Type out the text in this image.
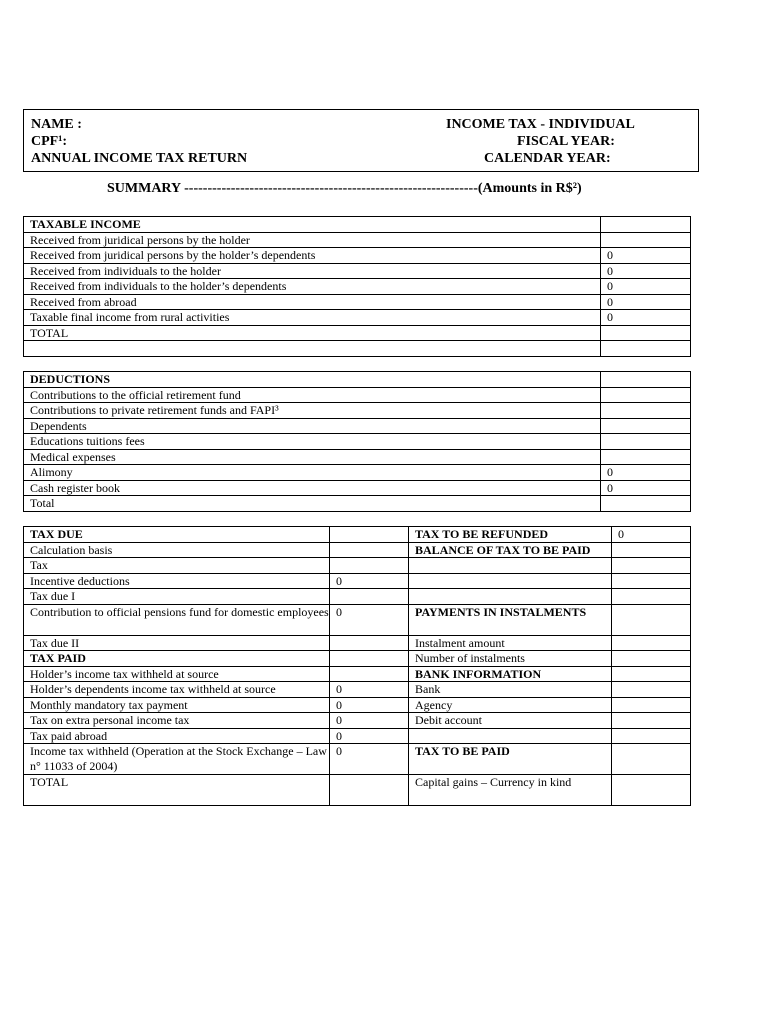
NAME :
CPF¹:
ANNUAL INCOME TAX RETURN
INCOME TAX - INDIVIDUAL
FISCAL YEAR:
CALENDAR YEAR:
SUMMARY ---------------------------------------------------------------(Amounts in R$²)
TAXABLE INCOME	
Received from juridical persons by the holder	
Received from juridical persons by the holder’s dependents	0
Received from individuals to the holder	0
Received from individuals to the holder’s dependents	0
Received from abroad	0
Taxable final income from rural activities	0
TOTAL	

DEDUCTIONS	
Contributions to the official retirement fund	
Contributions to private retirement funds and FAPI³	
Dependents	
Educations tuitions fees	
Medical expenses	
Alimony	0
Cash register book	0
Total	
TAX DUE		TAX TO BE REFUNDED	0
Calculation basis		BALANCE OF TAX TO BE PAID	
Tax			
Incentive deductions	0		
Tax due I			
Contribution to official pensions fund for domestic employees	0	PAYMENTS IN INSTALMENTS	
Tax due II		Instalment amount	
TAX PAID		Number of instalments	
Holder’s income tax withheld at source		BANK INFORMATION	
Holder’s dependents income tax withheld at source	0	Bank	
Monthly mandatory tax payment	0	Agency	
Tax on extra personal income tax	0	Debit account	
Tax paid abroad	0		
Income tax withheld (Operation at the Stock Exchange – Law n° 11033 of 2004)	0	TAX TO BE PAID	
TOTAL		Capital gains – Currency in kind	
